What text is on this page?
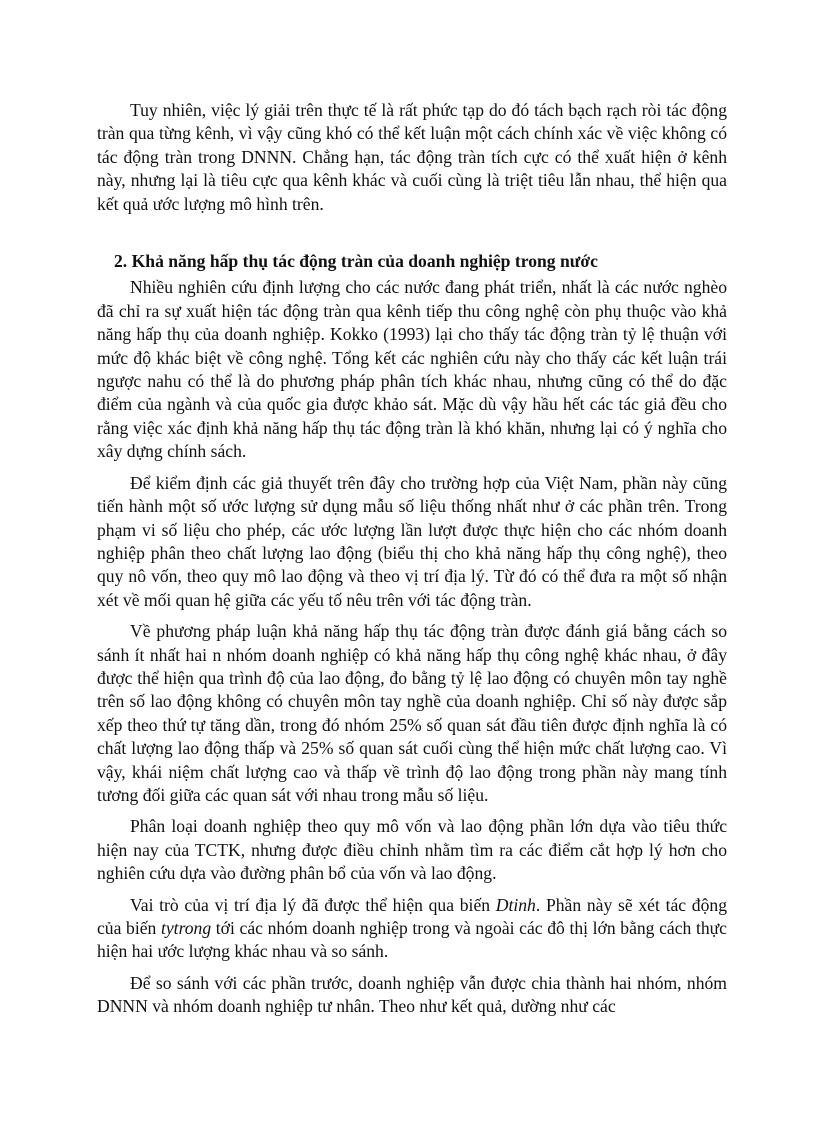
Tuy nhiên, việc lý giải trên thực tế là rất phức tạp do đó tách bạch rạch ròi tác động tràn qua từng kênh, vì vậy cũng khó có thể kết luận một cách chính xác về việc không có tác động tràn trong DNNN. Chẳng hạn, tác động tràn tích cực có thể xuất hiện ở kênh này, nhưng lại là tiêu cực qua kênh khác và cuối cùng là triệt tiêu lẫn nhau, thể hiện qua kết quả ước lượng mô hình trên.

2. Khả năng hấp thụ tác động tràn của doanh nghiệp trong nước

Nhiều nghiên cứu định lượng cho các nước đang phát triển, nhất là các nước nghèo đã chỉ ra sự xuất hiện tác động tràn qua kênh tiếp thu công nghệ còn phụ thuộc vào khả năng hấp thụ của doanh nghiệp. Kokko (1993) lại cho thấy tác động tràn tỷ lệ thuận với mức độ khác biệt về công nghệ. Tổng kết các nghiên cứu này cho thấy các kết luận trái ngược nahu có thể là do phương pháp phân tích khác nhau, nhưng cũng có thể do đặc điểm của ngành và của quốc gia được khảo sát. Mặc dù vậy hầu hết các tác giả đều cho rằng việc xác định khả năng hấp thụ tác động tràn là khó khăn, nhưng lại có ý nghĩa cho xây dựng chính sách.

Để kiểm định các giả thuyết trên đây cho trường hợp của Việt Nam, phần này cũng tiến hành một số ước lượng sử dụng mẫu số liệu thống nhất như ở các phần trên. Trong phạm vi số liệu cho phép, các ước lượng lần lượt được thực hiện cho các nhóm doanh nghiệp phân theo chất lượng lao động (biểu thị cho khả năng hấp thụ công nghệ), theo quy nô vốn, theo quy mô lao động và theo vị trí địa lý. Từ đó có thể đưa ra một số nhận xét về mối quan hệ giữa các yếu tố nêu trên với tác động tràn.

Về phương pháp luận khả năng hấp thụ tác động tràn được đánh giá bằng cách so sánh ít nhất hai n nhóm doanh nghiệp có khả năng hấp thụ công nghệ khác nhau, ở đây được thể hiện qua trình độ của lao động, đo bằng tỷ lệ lao động có chuyên môn tay nghề trên số lao động không có chuyên môn tay nghề của doanh nghiệp. Chỉ số này được sắp xếp theo thứ tự tăng dần, trong đó nhóm 25% số quan sát đầu tiên được định nghĩa là có chất lượng lao động thấp và 25% số quan sát cuối cùng thể hiện mức chất lượng cao. Vì vậy, khái niệm chất lượng cao và thấp về trình độ lao động trong phần này mang tính tương đối giữa các quan sát với nhau trong mẫu số liệu.

Phân loại doanh nghiệp theo quy mô vốn và lao động phần lớn dựa vào tiêu thức hiện nay của TCTK, nhưng được điều chỉnh nhằm tìm ra các điểm cắt hợp lý hơn cho nghiên cứu dựa vào đường phân bổ của vốn và lao động.

Vai trò của vị trí địa lý đã được thể hiện qua biến Dtinh. Phần này sẽ xét tác động của biến tytrong tới các nhóm doanh nghiệp trong và ngoài các đô thị lớn bằng cách thực hiện hai ước lượng khác nhau và so sánh.

Để so sánh với các phần trước, doanh nghiệp vẫn được chia thành hai nhóm, nhóm DNNN và nhóm doanh nghiệp tư nhân. Theo như kết quả, dường như các
